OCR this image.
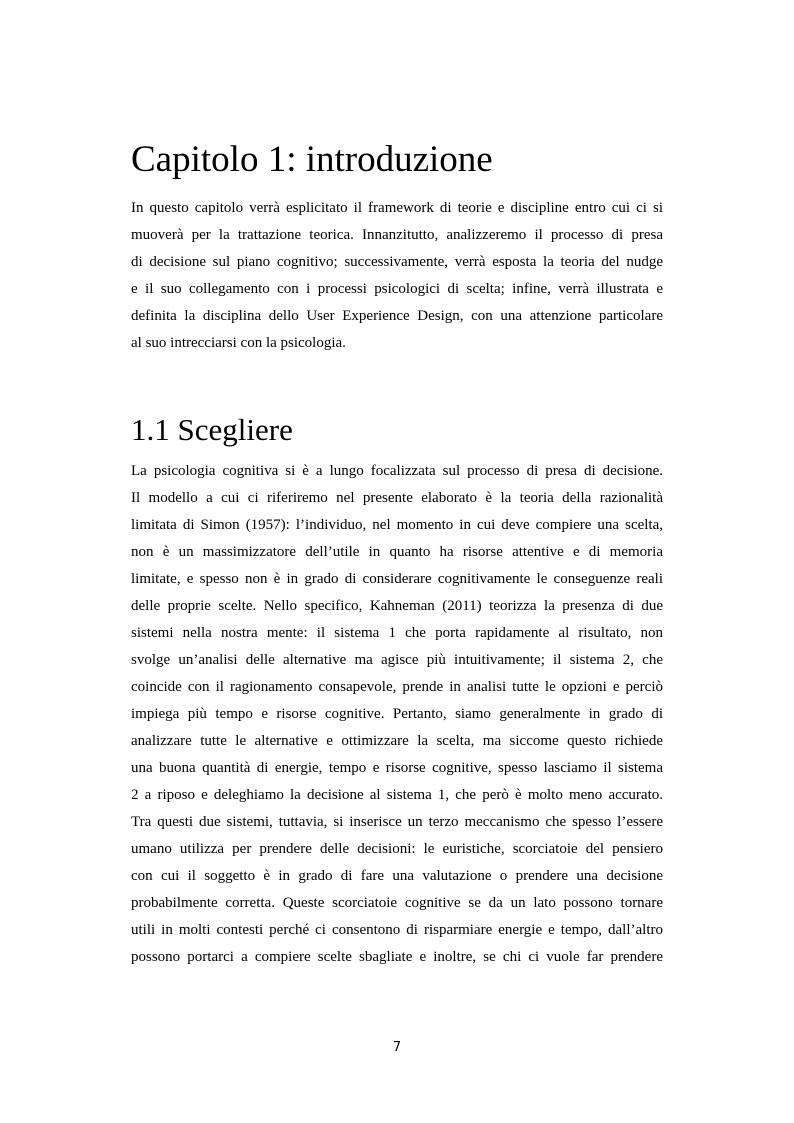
Capitolo 1: introduzione
In questo capitolo verrà esplicitato il framework di teorie e discipline entro cui ci si
muoverà per la trattazione teorica. Innanzitutto, analizzeremo il processo di presa
di decisione sul piano cognitivo; successivamente, verrà esposta la teoria del nudge
e il suo collegamento con i processi psicologici di scelta; infine, verrà illustrata e
definita la disciplina dello User Experience Design, con una attenzione particolare
al suo intrecciarsi con la psicologia.
1.1 Scegliere
La psicologia cognitiva si è a lungo focalizzata sul processo di presa di decisione.
Il modello a cui ci riferiremo nel presente elaborato è la teoria della razionalità
limitata di Simon (1957): l’individuo, nel momento in cui deve compiere una scelta,
non è un massimizzatore dell’utile in quanto ha risorse attentive e di memoria
limitate, e spesso non è in grado di considerare cognitivamente le conseguenze reali
delle proprie scelte. Nello specifico, Kahneman (2011) teorizza la presenza di due
sistemi nella nostra mente: il sistema 1 che porta rapidamente al risultato, non
svolge un’analisi delle alternative ma agisce più intuitivamente; il sistema 2, che
coincide con il ragionamento consapevole, prende in analisi tutte le opzioni e perciò
impiega più tempo e risorse cognitive. Pertanto, siamo generalmente in grado di
analizzare tutte le alternative e ottimizzare la scelta, ma siccome questo richiede
una buona quantità di energie, tempo e risorse cognitive, spesso lasciamo il sistema
2 a riposo e deleghiamo la decisione al sistema 1, che però è molto meno accurato.
Tra questi due sistemi, tuttavia, si inserisce un terzo meccanismo che spesso l’essere
umano utilizza per prendere delle decisioni: le euristiche, scorciatoie del pensiero
con cui il soggetto è in grado di fare una valutazione o prendere una decisione
probabilmente corretta. Queste scorciatoie cognitive se da un lato possono tornare
utili in molti contesti perché ci consentono di risparmiare energie e tempo, dall’altro
possono portarci a compiere scelte sbagliate e inoltre, se chi ci vuole far prendere
7
